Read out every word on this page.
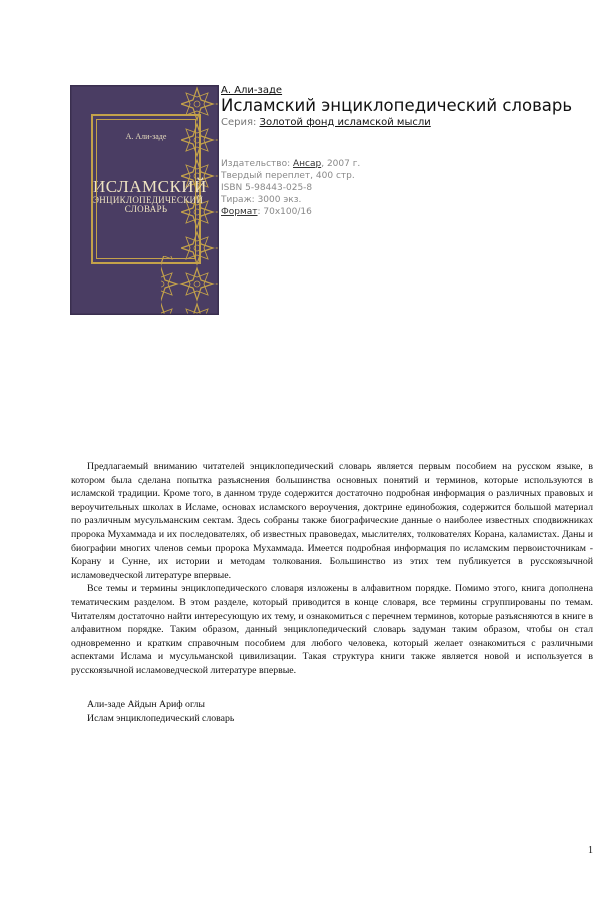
А. Али-заде
ИСЛАМСКИЙ
ЭНЦИКЛОПЕДИЧЕСКИЙ
СЛОВАРЬ
А. Али-заде
Исламский энциклопедический словарь
Серия: Золотой фонд исламской мысли
Издательство: Ансар, 2007 г.
Твердый переплет, 400 стр.
ISBN 5-98443-025-8
Тираж: 3000 экз.
Формат: 70x100/16

Предлагаемый вниманию читателей энциклопедический словарь является первым пособием на русском языке, в котором была сделана попытка разъяснения большинства основных понятий и терминов, которые используются в исламской традиции. Кроме того, в данном труде содержится достаточно подробная информация о различных правовых и вероучительных школах в Исламе, основах исламского вероучения, доктрине единобожия, содержится большой материал по различным мусульманским сектам. Здесь собраны также биографические данные о наиболее известных сподвижниках пророка Мухаммада и их последователях, об известных правоведах, мыслителях, толкователях Корана, каламистах. Даны и биографии многих членов семьи пророка Мухаммада. Имеется подробная информация по исламским первоисточникам - Корану и Сунне, их истории и методам толкования. Большинство из этих тем публикуется в русскоязычной исламоведческой литературе впервые.

Все темы и термины энциклопедического словаря изложены в алфавитном порядке. Помимо этого, книга дополнена тематическим разделом. В этом разделе, который приводится в конце словаря, все термины сгруппированы по темам. Читателям достаточно найти интересующую их тему, и ознакомиться с перечнем терминов, которые разъясняются в книге в алфавитном порядке. Таким образом, данный энциклопедический словарь задуман таким образом, чтобы он стал одновременно и кратким справочным пособием для любого человека, который желает ознакомиться с различными аспектами Ислама и мусульманской цивилизации. Такая структура книги также является новой и используется в русскоязычной исламоведческой литературе впервые.

Али-заде Айдын Ариф оглы
Ислам энциклопедический словарь
1
